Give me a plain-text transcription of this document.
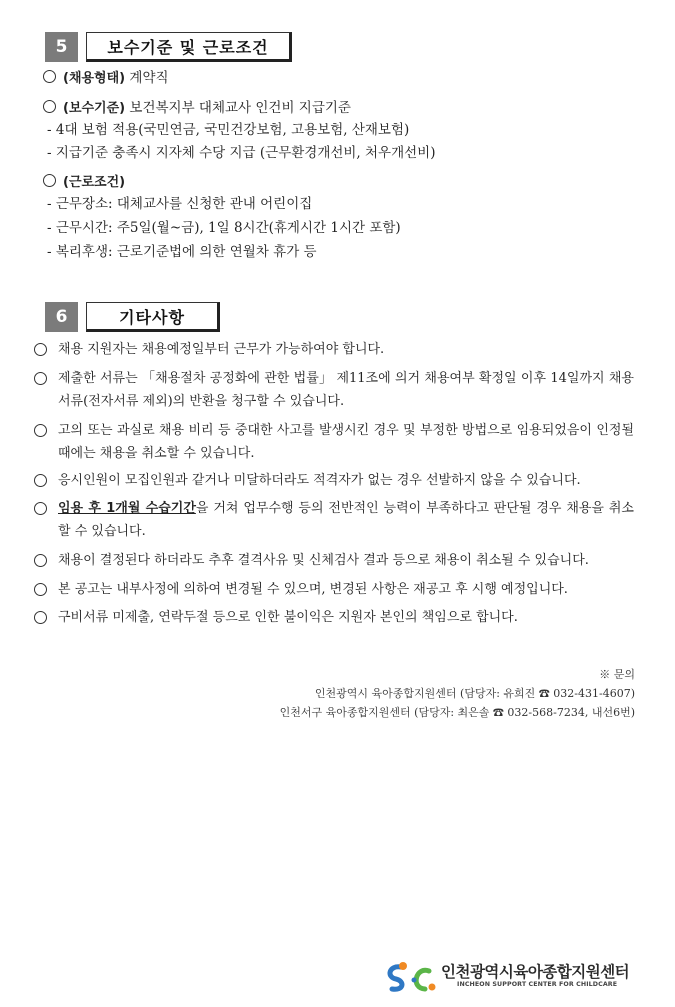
5	보수기준 및 근로조건
(채용형태) 계약직
(보수기준) 보건복지부 대체교사 인건비 지급기준
- 4대 보험 적용(국민연금, 국민건강보험, 고용보험, 산재보험)
- 지급기준 충족시 지자체 수당 지급 (근무환경개선비, 처우개선비)
(근로조건)
- 근무장소: 대체교사를 신청한 관내 어린이집
- 근무시간: 주5일(월~금), 1일 8시간(휴게시간 1시간 포함)
- 복리후생: 근로기준법에 의한 연월차 휴가 등
6	기타사항
채용 지원자는 채용예정일부터 근무가 가능하여야 합니다.
제출한 서류는 「채용절차 공정화에 관한 법률」 제11조에 의거 채용여부 확정일 이후 14일까지 채용서류(전자서류 제외)의 반환을 청구할 수 있습니다.
고의 또는 과실로 채용 비리 등 중대한 사고를 발생시킨 경우 및 부정한 방법으로 임용되었음이 인정될 때에는 채용을 취소할 수 있습니다.
응시인원이 모집인원과 같거나 미달하더라도 적격자가 없는 경우 선발하지 않을 수 있습니다.
임용 후 1개월 수습기간을 거쳐 업무수행 등의 전반적인 능력이 부족하다고 판단될 경우 채용을 취소할 수 있습니다.
채용이 결정된다 하더라도 추후 결격사유 및 신체검사 결과 등으로 채용이 취소될 수 있습니다.
본 공고는 내부사정에 의하여 변경될 수 있으며, 변경된 사항은 재공고 후 시행 예정입니다.
구비서류 미제출, 연락두절 등으로 인한 불이익은 지원자 본인의 책임으로 합니다.
※ 문의
인천광역시 육아종합지원센터 (담당자: 유희진 ☎ 032-431-4607)
인천서구 육아종합지원센터 (담당자: 최은솔 ☎ 032-568-7234, 내선6번)
인천광역시육아종합지원센터
INCHEON SUPPORT CENTER FOR CHILDCARE
